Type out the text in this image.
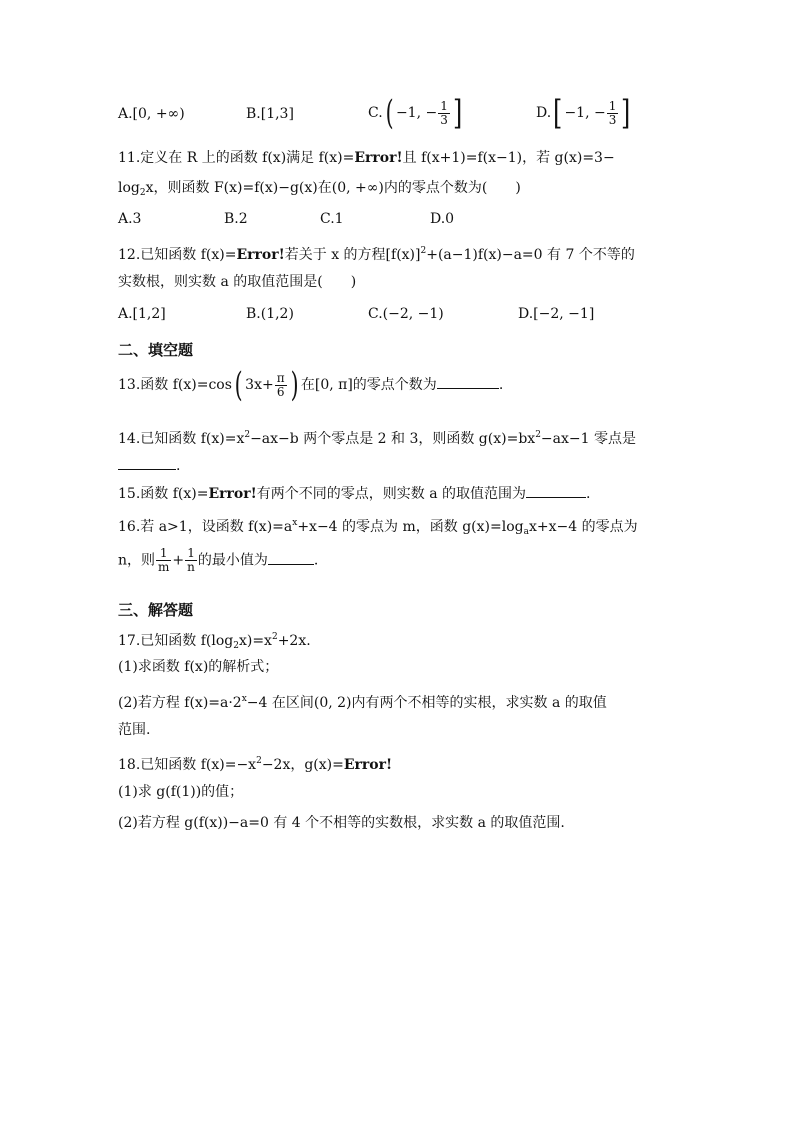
A.[0, +∞)	B.[1,3]	C.( −1, − $\frac{1}{3}$ ]	D.[ −1, − $\frac{1}{3}$ ]
11.定义在 R 上的函数 f(x)满足 f(x)=Error!且 f(x+1)=f(x−1)，若 g(x)=3−
$\log_2x$，则函数 F(x)=f(x)−g(x)在(0, +∞)内的零点个数为(　　)
A.3	B.2	C.1	D.0
12.已知函数 f(x)=Error!若关于 x 的方程$[f(x)]^2+(a-1)f(x)-a=0$ 有 7 个不等的
实数根，则实数 a 的取值范围是(　　)
A.[1,2]	B.(1,2)	C.(−2, −1)	D.[−2, −1]
二、填空题
13.函数 f(x)=cos( $3x+ \frac{\pi}{6}$ ) 在[0, π]的零点个数为	.
14.已知函数 $f(x)=x^2-ax-b$ 两个零点是 2 和 3，则函数 $g(x)=bx^2-ax-1$ 零点是
.
15.函数 f(x)=Error!有两个不同的零点，则实数 a 的取值范围为	.
16.若 a>1，设函数 $f(x)=a^x+x-4$ 的零点为 m，函数 $g(x)=\log_ax+x-4$ 的零点为
n，则 $\frac{1}{m} + \frac{1}{n}$ 的最小值为	.
三、解答题
17.已知函数 $f(\log_2x)=x^2+2x$.
(1)求函数 f(x)的解析式；
(2)若方程 $f(x)=a\cdot 2^x-4$ 在区间(0, 2)内有两个不相等的实根，求实数 a 的取值
范围.
18.已知函数 $f(x)=-x^2-2x$，g(x)=Error!
(1)求 g(f(1))的值；
(2)若方程 g(f(x))−a=0 有 4 个不相等的实数根，求实数 a 的取值范围.
